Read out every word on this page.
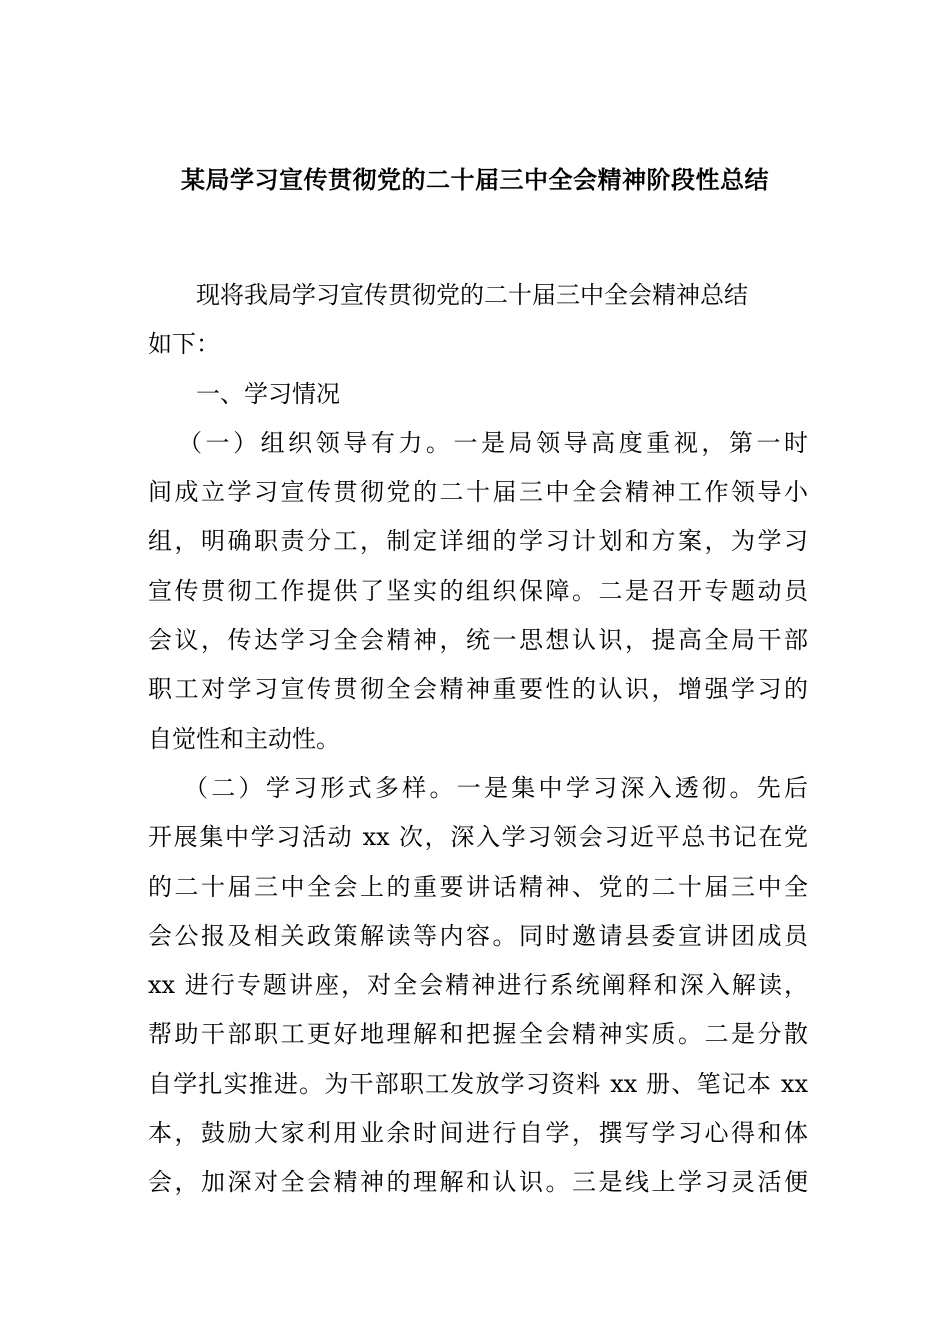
某局学习宣传贯彻党的二十届三中全会精神阶段性总结
现将我局学习宣传贯彻党的二十届三中全会精神总结
如下：
一、学习情况
（一）组织领导有力。一是局领导高度重视，第一时
间成立学习宣传贯彻党的二十届三中全会精神工作领导小
组，明确职责分工，制定详细的学习计划和方案，为学习
宣传贯彻工作提供了坚实的组织保障。二是召开专题动员
会议，传达学习全会精神，统一思想认识，提高全局干部
职工对学习宣传贯彻全会精神重要性的认识，增强学习的
自觉性和主动性。
（二）学习形式多样。一是集中学习深入透彻。先后
开展集中学习活动 xx 次，深入学习领会习近平总书记在党
的二十届三中全会上的重要讲话精神、党的二十届三中全
会公报及相关政策解读等内容。同时邀请县委宣讲团成员
xx 进行专题讲座，对全会精神进行系统阐释和深入解读，
帮助干部职工更好地理解和把握全会精神实质。二是分散
自学扎实推进。为干部职工发放学习资料 xx 册、笔记本 xx
本，鼓励大家利用业余时间进行自学，撰写学习心得和体
会，加深对全会精神的理解和认识。三是线上学习灵活便
